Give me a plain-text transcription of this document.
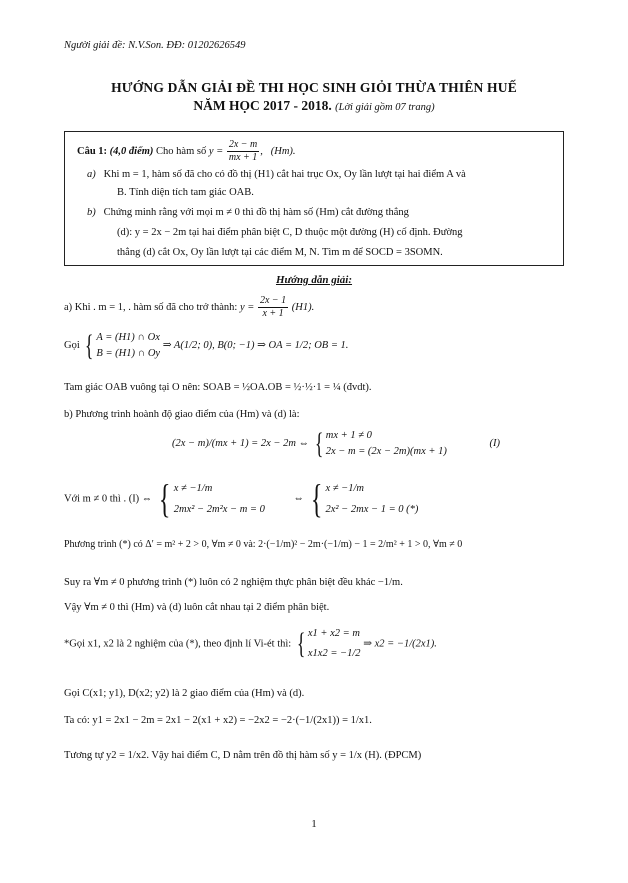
Người giải đề: N.V.Son. ĐĐ: 01202626549
HƯỚNG DẪN GIẢI ĐỀ THI HỌC SINH GIỎI THỪA THIÊN HUẾ
NĂM HỌC 2017 - 2018. (Lời giải gồm 07 trang)
Câu 1: (4,0 điểm) Cho hàm số $y = \frac{2x - m}{mx + 1}$ ,   (Hm).
a) Khi m = 1, hàm số đã cho có đồ thị (H1) cắt hai trục Ox, Oy lần lượt tại hai điểm A và
B. Tính diện tích tam giác OAB.
b) Chứng minh rằng với mọi m ≠ 0 thì đồ thị hàm số (Hm) cắt đường thẳng
(d): y = 2x − 2m tại hai điểm phân biệt C, D thuộc một đường (H) cố định. Đường
thẳng (d) cắt Ox, Oy lần lượt tại các điểm M, N. Tìm m để SOCD = 3SOMN.
Hướng dẫn giải:
a) Khi . m = 1, . hàm số đã cho trở thành: $y = \frac{2x - 1}{x + 1} (H1)$.
Gọi { A = (H1) ∩ Ox
B = (H1) ∩ Oy
⇒ A(1/2; 0), B(0; −1) ⇒ OA = 1/2; OB = 1.
Tam giác OAB vuông tại O nên: SOAB = ½OA.OB = ½·½·1 = ¼ (đvdt).
b) Phương trình hoành độ giao điểm của (Hm) và (d) là:
(2x − m)/(mx + 1) = 2x − 2m ⇔ { mx + 1 ≠ 0
2x − m = (2x − 2m)(mx + 1)
(I)
Với m ≠ 0 thì . (I) ⇔ { x ≠ −1/m
2mx² − 2m²x − m = 0
⇔ { x ≠ −1/m
2x² − 2mx − 1 = 0 (*)
Phương trình (*) có Δ′ = m² + 2 > 0, ∀m ≠ 0 và: 2·(−1/m)² − 2m·(−1/m) − 1 = 2/m² + 1 > 0, ∀m ≠ 0
Suy ra ∀m ≠ 0 phương trình (*) luôn có 2 nghiệm thực phân biệt đều khác −1/m.
Vậy ∀m ≠ 0 thì (Hm) và (d) luôn cắt nhau tại 2 điểm phân biệt.
*Gọi x1, x2 là 2 nghiệm của (*), theo định lí Vi-ét thì: { x1 + x2 = m
x1x2 = −1/2
⇒ x2 = −1/(2x1).
Gọi C(x1; y1), D(x2; y2) là 2 giao điểm của (Hm) và (d).
Ta có: y1 = 2x1 − 2m = 2x1 − 2(x1 + x2) = −2x2 = −2·(−1/(2x1)) = 1/x1.
Tương tự y2 = 1/x2. Vậy hai điểm C, D nằm trên đồ thị hàm số y = 1/x (H). (ĐPCM)
1
